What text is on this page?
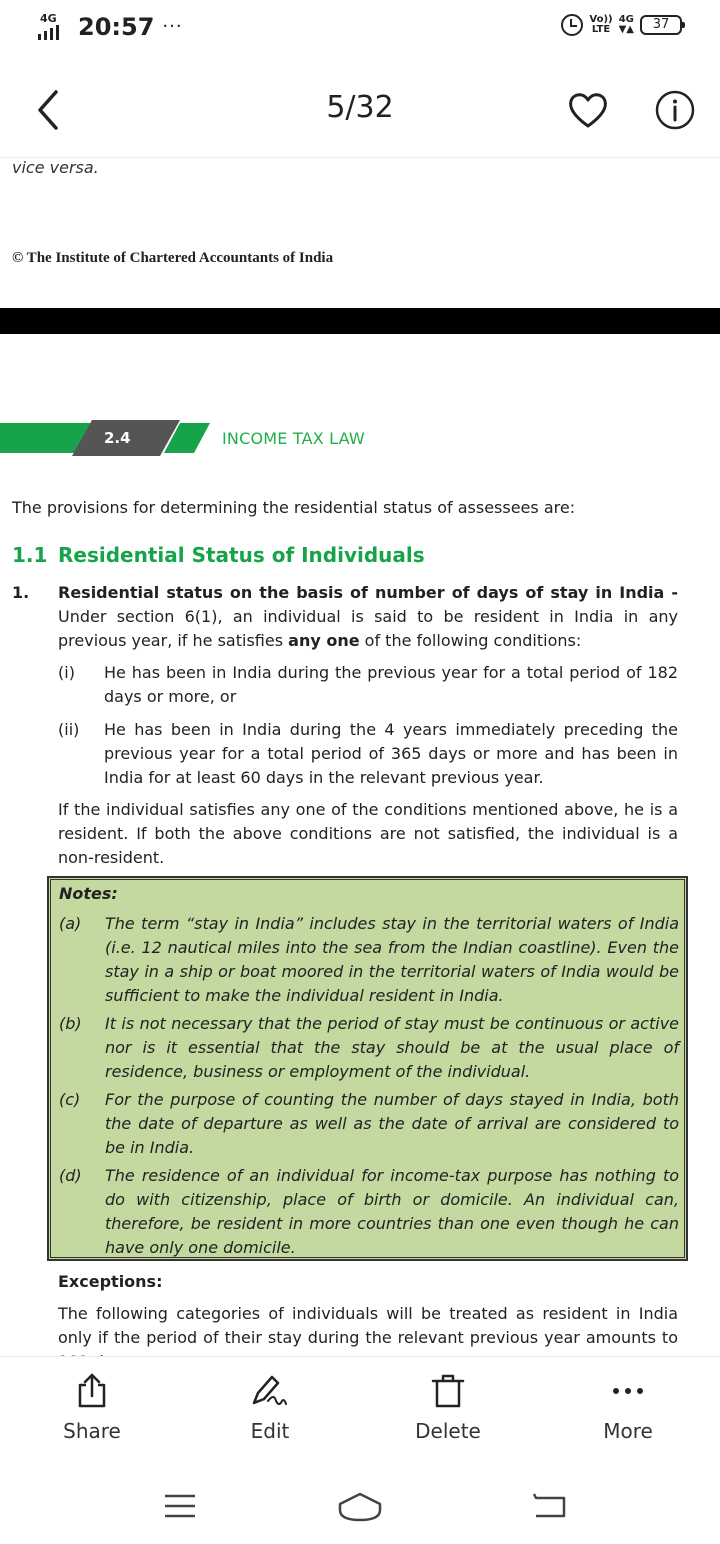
4G 20:57 ···	Vo))
LTE
4G
▼▲	37
5/32
vice versa.
© The Institute of Chartered Accountants of India
2.4	INCOME TAX LAW
The provisions for determining the residential status of assessees are:
1.1 Residential Status of Individuals
1. Residential status on the basis of number of days of stay in India - Under section 6(1), an individual is said to be resident in India in any previous year, if he satisfies any one of the following conditions:
(i) He has been in India during the previous year for a total period of 182 days or more, or
(ii) He has been in India during the 4 years immediately preceding the previous year for a total period of 365 days or more and has been in India for at least 60 days in the relevant previous year.
If the individual satisfies any one of the conditions mentioned above, he is a resident. If both the above conditions are not satisfied, the individual is a non-resident.
Notes:
(a) The term “stay in India” includes stay in the territorial waters of India (i.e. 12 nautical miles into the sea from the Indian coastline). Even the stay in a ship or boat moored in the territorial waters of India would be sufficient to make the individual resident in India.
(b) It is not necessary that the period of stay must be continuous or active nor is it essential that the stay should be at the usual place of residence, business or employment of the individual.
(c) For the purpose of counting the number of days stayed in India, both the date of departure as well as the date of arrival are considered to be in India.
(d) The residence of an individual for income-tax purpose has nothing to do with citizenship, place of birth or domicile. An individual can, therefore, be resident in more countries than one even though he can have only one domicile.
Exceptions:
The following categories of individuals will be treated as resident in India only if the period of their stay during the relevant previous year amounts to
Share	Edit	Delete	More
